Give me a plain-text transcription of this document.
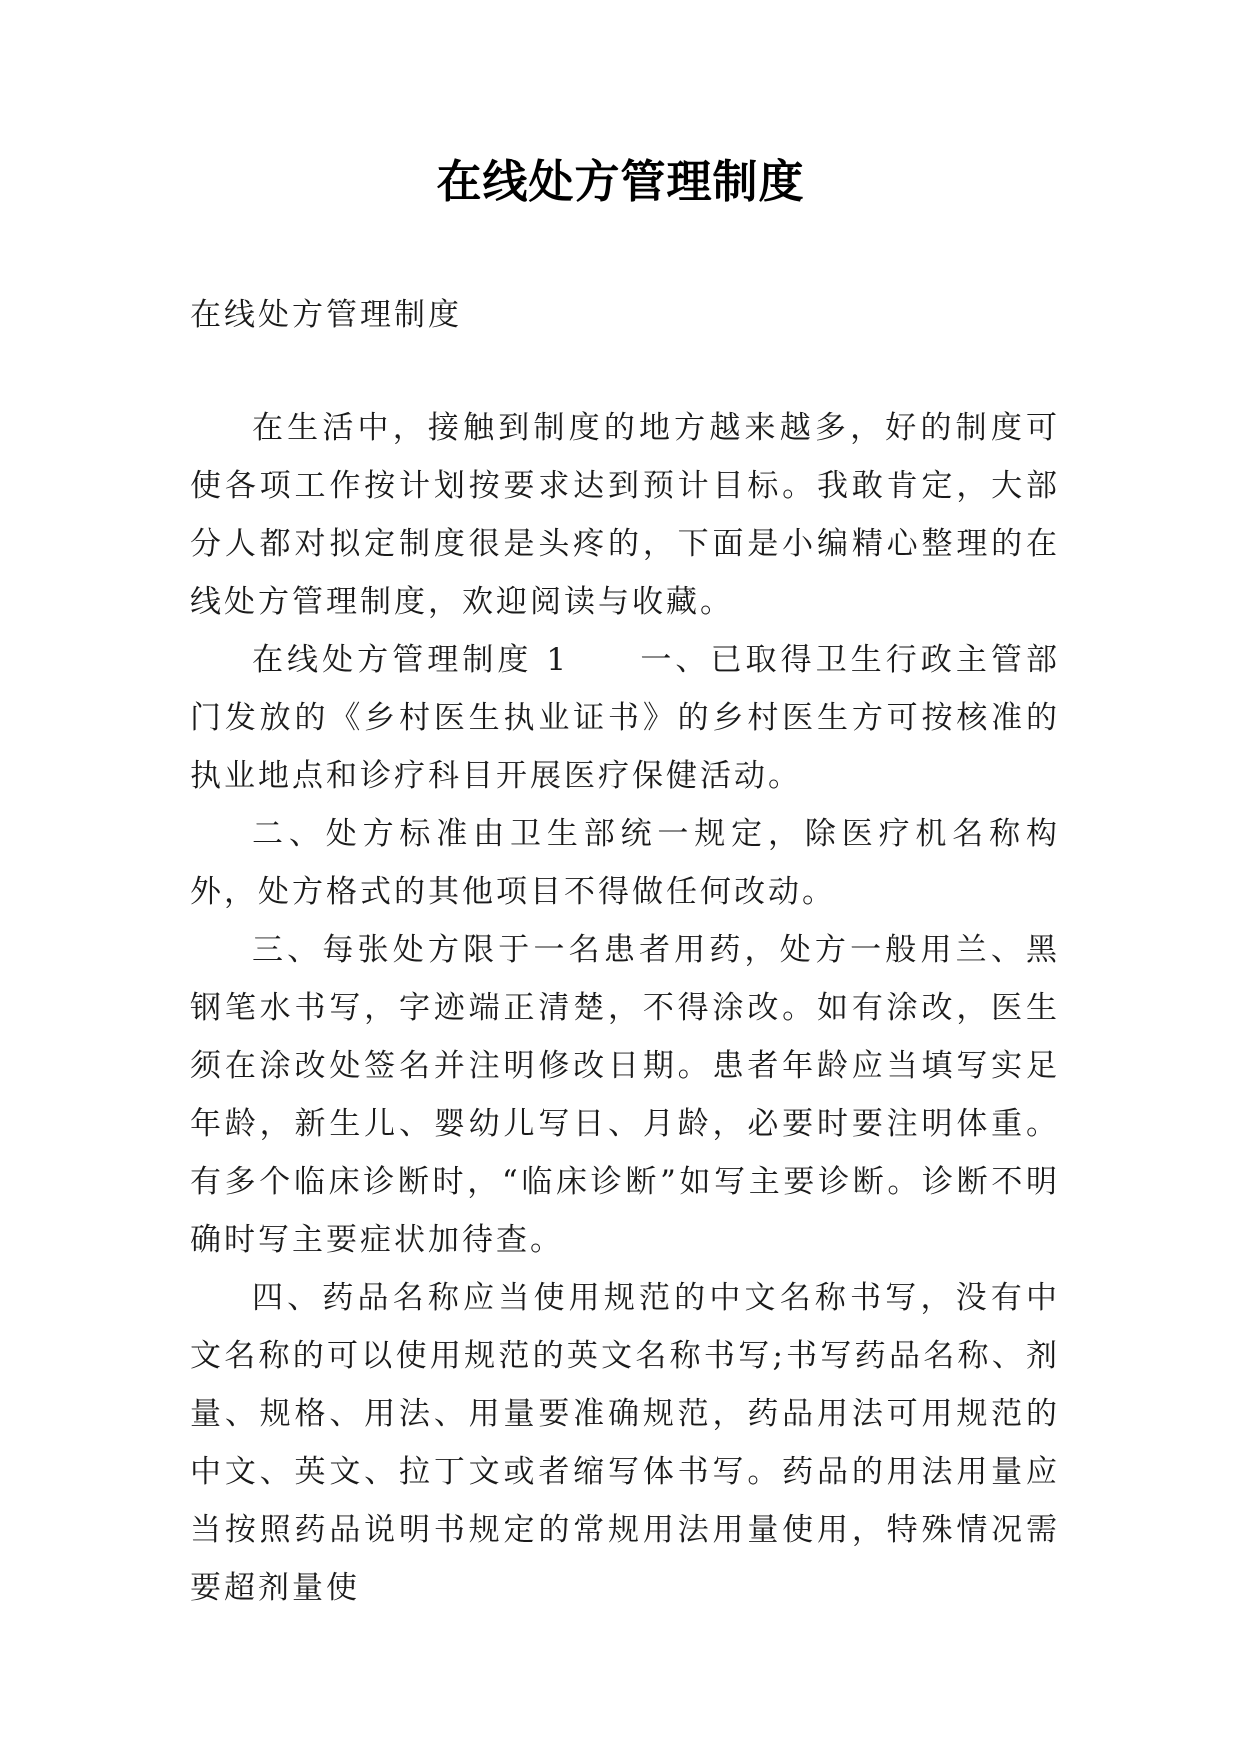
在线处方管理制度

在线处方管理制度

在生活中，接触到制度的地方越来越多，好的制度可使各项工作按计划按要求达到预计目标。我敢肯定，大部分人都对拟定制度很是头疼的，下面是小编精心整理的在线处方管理制度，欢迎阅读与收藏。

在线处方管理制度 1　　一、已取得卫生行政主管部门发放的《乡村医生执业证书》的乡村医生方可按核准的执业地点和诊疗科目开展医疗保健活动。

二、处方标准由卫生部统一规定，除医疗机名称构外，处方格式的其他项目不得做任何改动。

三、每张处方限于一名患者用药，处方一般用兰、黑钢笔水书写，字迹端正清楚，不得涂改。如有涂改，医生须在涂改处签名并注明修改日期。患者年龄应当填写实足年龄，新生儿、婴幼儿写日、月龄，必要时要注明体重。有多个临床诊断时，“临床诊断”如写主要诊断。诊断不明确时写主要症状加待查。

四、药品名称应当使用规范的中文名称书写，没有中文名称的可以使用规范的英文名称书写;书写药品名称、剂量、规格、用法、用量要准确规范，药品用法可用规范的中文、英文、拉丁文或者缩写体书写。药品的用法用量应当按照药品说明书规定的常规用法用量使用，特殊情况需要超剂量使
